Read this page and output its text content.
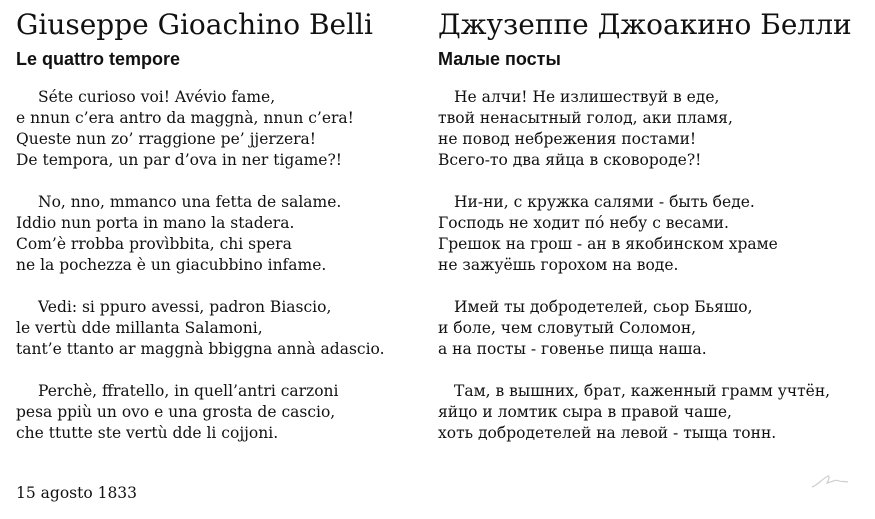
Giuseppe Gioachino Belli
Le quattro tempore
Séte curioso voi! Avévio fame,
e nnun c’era antro da maggnà, nnun c’era!
Queste nun zo’ rraggione pe’ jjerzera!
De tempora, un par d’ova in ner tigame?!
No, nno, mmanco una fetta de salame.
Iddio nun porta in mano la stadera.
Com’è rrobba provìbbita, chi spera
ne la pochezza è un giacubbino infame.
Vedi: si ppuro avessi, padron Biascio,
le vertù dde millanta Salamoni,
tant’e ttanto ar maggnà bbiggna annà adascio.
Perchè, ffratello, in quell’antri carzoni
pesa ppiù un ovo e una grosta de cascio,
che ttutte ste vertù dde li cojjoni.
15 agosto 1833
Джузеппе Джоакино Белли
Малые посты
Не алчи! Не излишествуй в еде,
твой ненасытный голод, аки пламя,
не повод небрежения постами!
Всего-то два яйца в сковороде?!
Ни-ни, с кружка салями - быть беде.
Господь не ходит пó небу с весами.
Грешок на грош - ан в якобинском храме
не зажуёшь горохом на воде.
Имей ты добродетелей, сьор Бьяшо,
и боле, чем словутый Соломон,
а на посты - говенье пища наша.
Там, в вышних, брат, каженный грамм учтён,
яйцо и ломтик сыра в правой чаше,
хоть добродетелей на левой - тыща тонн.
